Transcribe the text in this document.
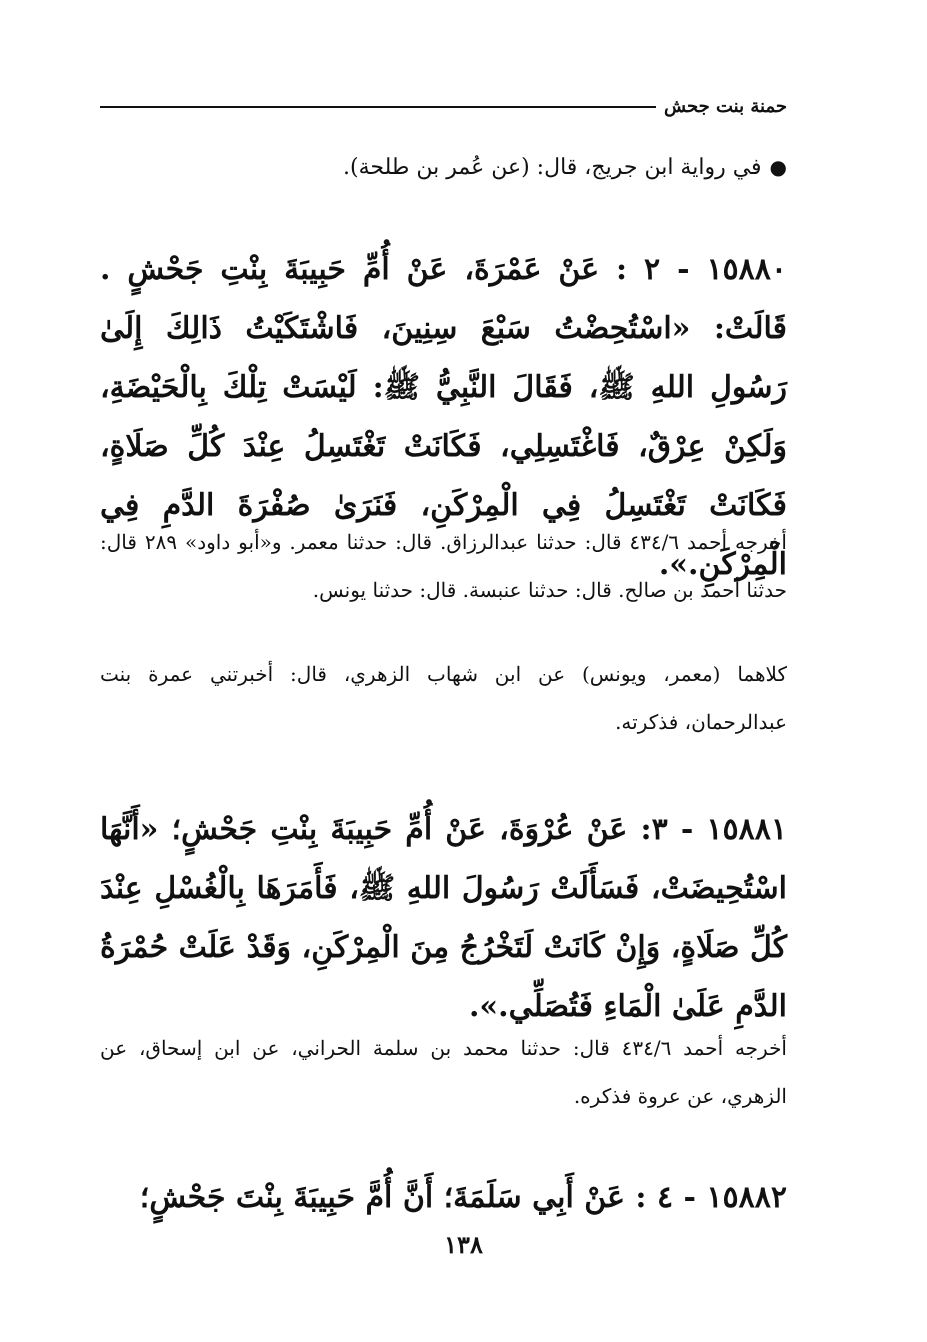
حمنة بنت جحش
●في رواية ابن جريج، قال: (عن عُمر بن طلحة).
١٥٨٨٠ - ٢ : عَنْ عَمْرَةَ، عَنْ أُمِّ حَبِيبَةَ بِنْتِ جَحْشٍ . قَالَتْ: «اسْتُحِضْتُ سَبْعَ سِنِينَ، فَاشْتَكَيْتُ ذَالِكَ إِلَىٰ رَسُولِ اللهِ ﷺ، فَقَالَ النَّبِيُّ ﷺ: لَيْسَتْ تِلْكَ بِالْحَيْضَةِ، وَلَكِنْ عِرْقٌ، فَاغْتَسِلِي، فَكَانَتْ تَغْتَسِلُ عِنْدَ كُلِّ صَلَاةٍ، فَكَانَتْ تَغْتَسِلُ فِي الْمِرْكَنِ، فَنَرَىٰ صُفْرَةَ الدَّمِ فِي الْمِرْكَنِ.».
أخرجه أحمد ٤٣٤/٦ قال: حدثنا عبدالرزاق. قال: حدثنا معمر. و«أبو داود» ٢٨٩ قال: حدثنا أحمد بن صالح. قال: حدثنا عنبسة. قال: حدثنا يونس.
كلاهما (معمر، ويونس) عن ابن شهاب الزهري، قال: أخبرتني عمرة بنت عبدالرحمان، فذكرته.
١٥٨٨١ - ٣: عَنْ عُرْوَةَ، عَنْ أُمِّ حَبِيبَةَ بِنْتِ جَحْشٍ؛ «أَنَّهَا اسْتُحِيضَتْ، فَسَأَلَتْ رَسُولَ اللهِ ﷺ، فَأَمَرَهَا بِالْغُسْلِ عِنْدَ كُلِّ صَلَاةٍ، وَإِنْ كَانَتْ لَتَخْرُجُ مِنَ الْمِرْكَنِ، وَقَدْ عَلَتْ حُمْرَةُ الدَّمِ عَلَىٰ الْمَاءِ فَتُصَلِّي.».
أخرجه أحمد ٤٣٤/٦ قال: حدثنا محمد بن سلمة الحراني، عن ابن إسحاق، عن الزهري، عن عروة فذكره.
١٥٨٨٢ - ٤ : عَنْ أَبِي سَلَمَةَ؛ أَنَّ أُمَّ حَبِيبَةَ بِنْتَ جَحْشٍ؛
١٣٨
